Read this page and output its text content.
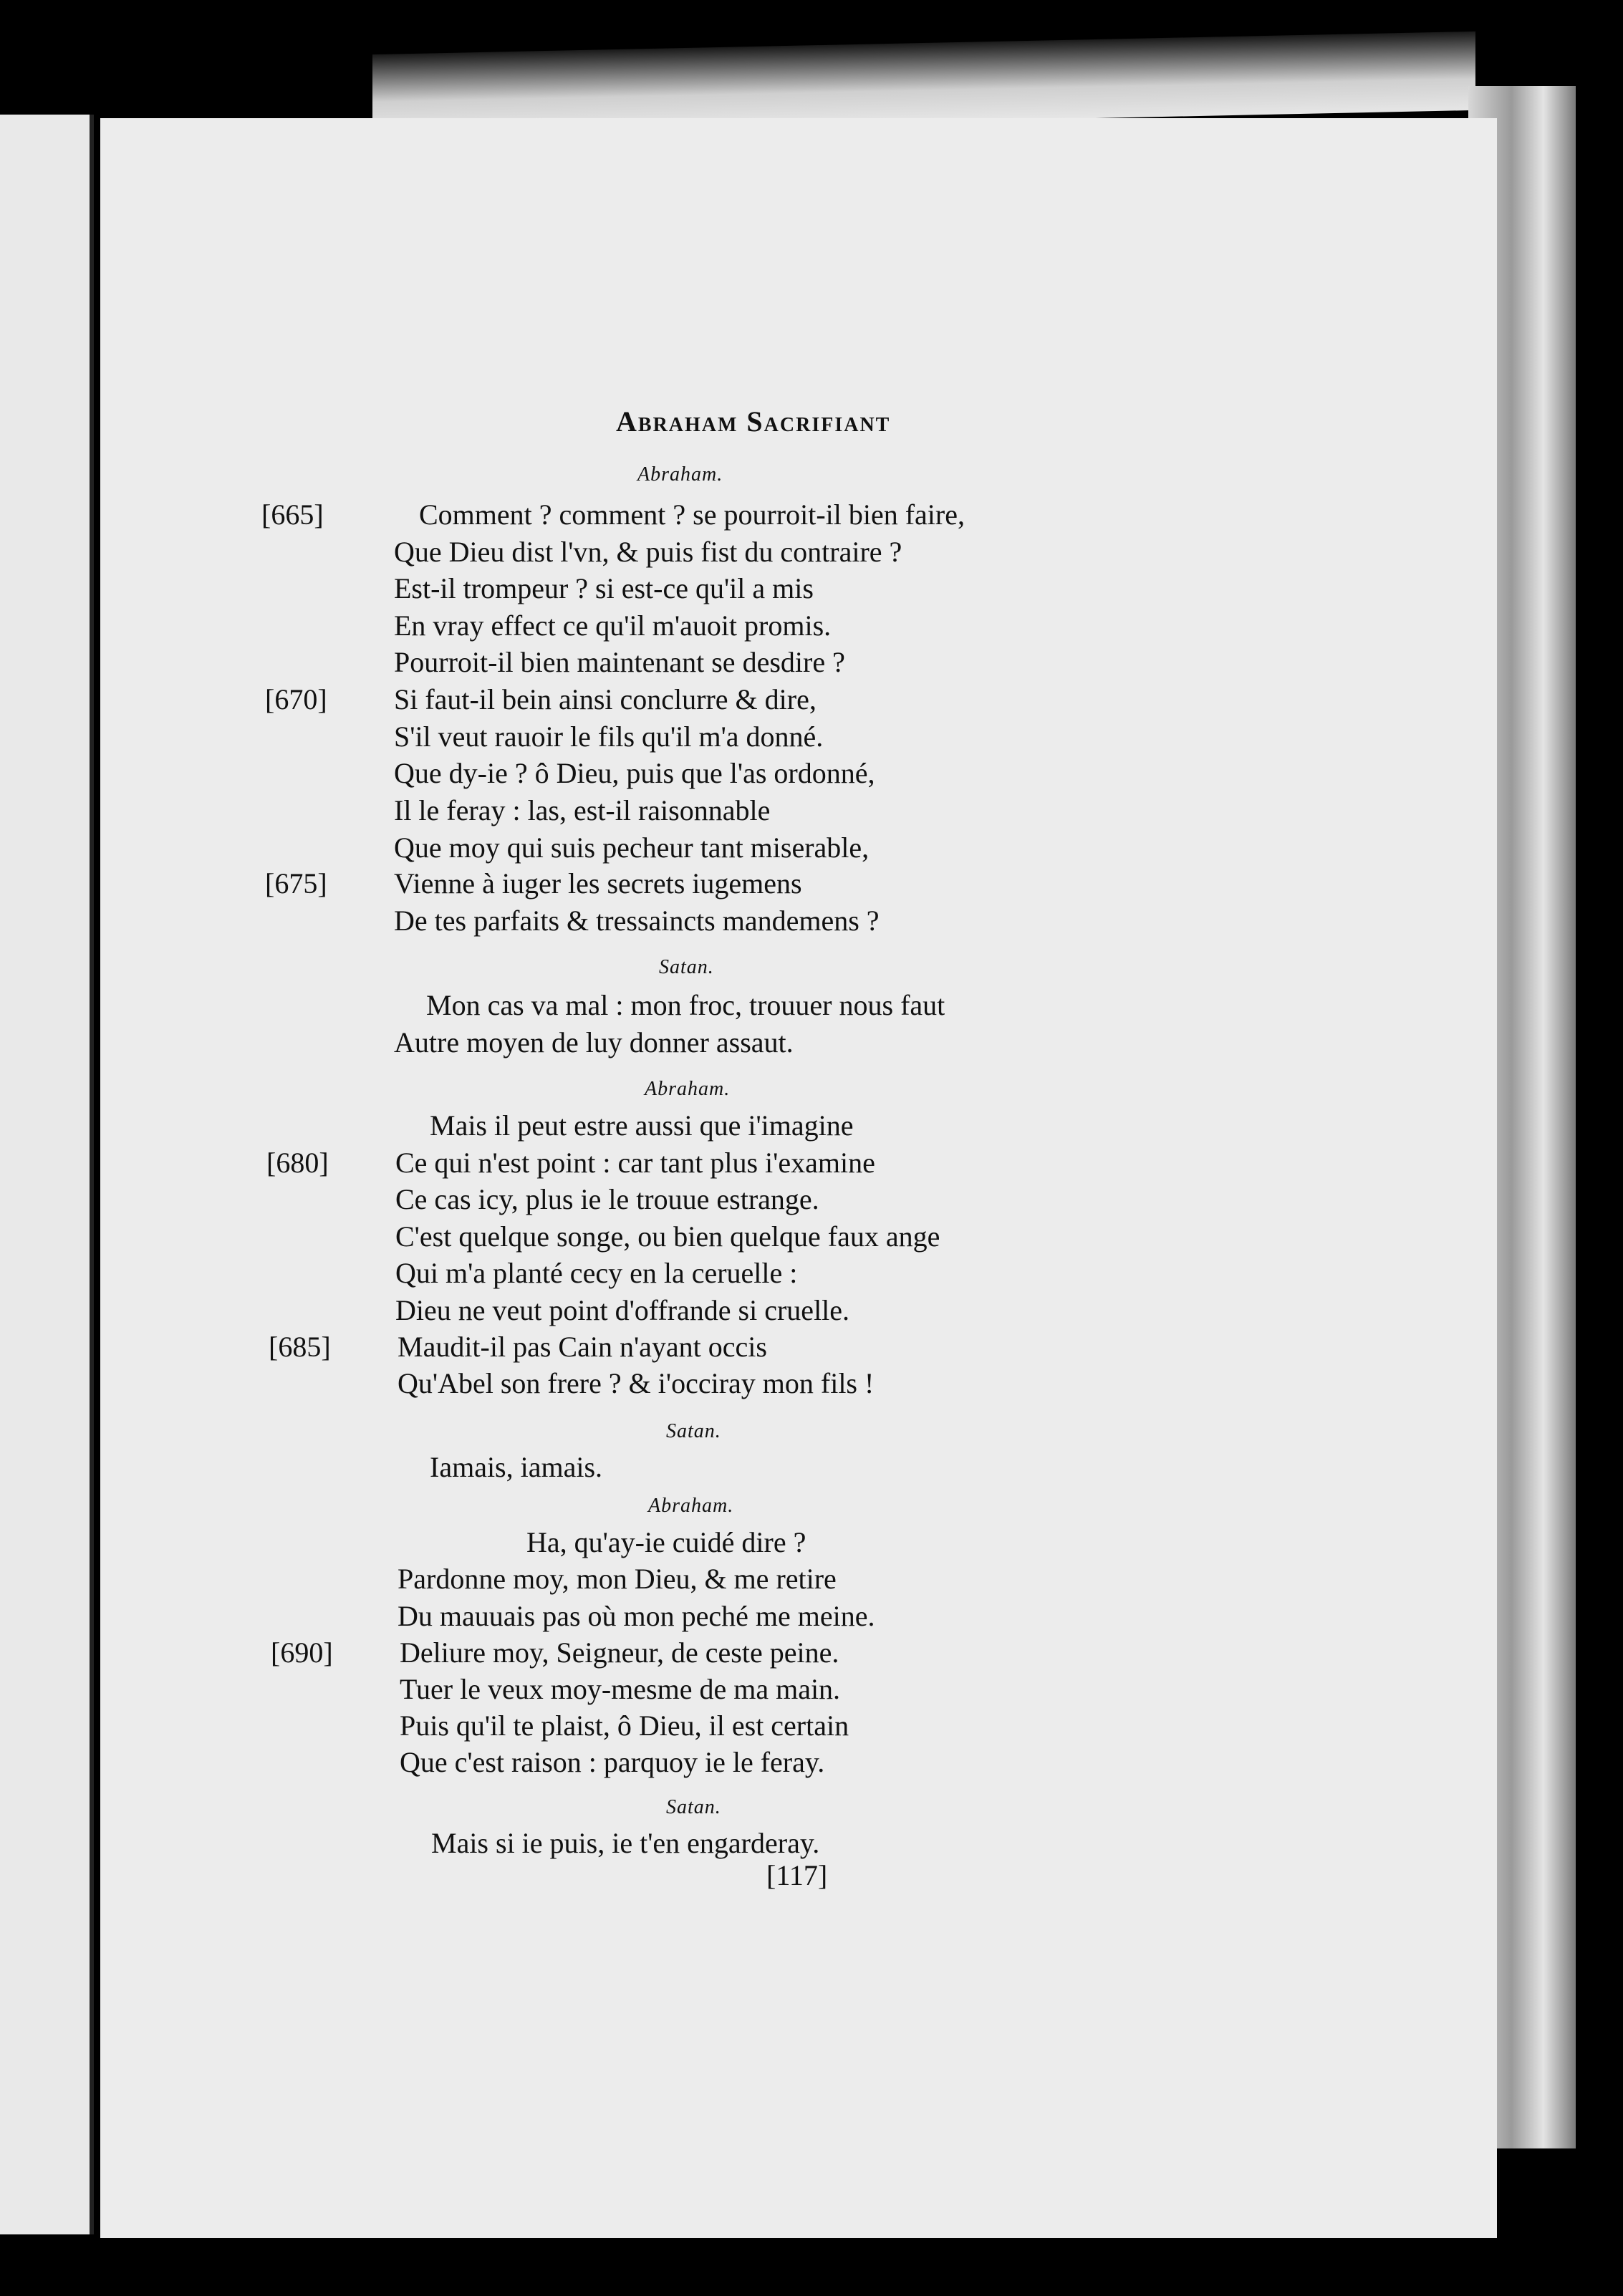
Abraham Sacrifiant
Abraham.
[665]	Comment ? comment ? se pourroit-il bien faire,
Que Dieu dist l'vn, & puis fist du contraire ?
Est-il trompeur ? si est-ce qu'il a mis
En vray effect ce qu'il m'auoit promis.
Pourroit-il bien maintenant se desdire ?
[670] Si faut-il bein ainsi conclurre & dire,
S'il veut rauoir le fils qu'il m'a donné.
Que dy-ie ? ô Dieu, puis que l'as ordonné,
Il le feray : las, est-il raisonnable
Que moy qui suis pecheur tant miserable,
[675] Vienne à iuger les secrets iugemens
De tes parfaits & tressaincts mandemens ?
Satan.
Mon cas va mal : mon froc, trouuer nous faut
Autre moyen de luy donner assaut.
Abraham.
Mais il peut estre aussi que i'imagine
[680] Ce qui n'est point : car tant plus i'examine
Ce cas icy, plus ie le trouue estrange.
C'est quelque songe, ou bien quelque faux ange
Qui m'a planté cecy en la ceruelle :
Dieu ne veut point d'offrande si cruelle.
[685] Maudit-il pas Cain n'ayant occis
Qu'Abel son frere ? & i'occiray mon fils !
Satan.
Iamais, iamais.
Abraham.
Ha, qu'ay-ie cuidé dire ?
Pardonne moy, mon Dieu, & me retire
Du mauuais pas où mon peché me meine.
[690] Deliure moy, Seigneur, de ceste peine.
Tuer le veux moy-mesme de ma main.
Puis qu'il te plaist, ô Dieu, il est certain
Que c'est raison : parquoy ie le feray.
Satan.
Mais si ie puis, ie t'en engarderay.
[117]
